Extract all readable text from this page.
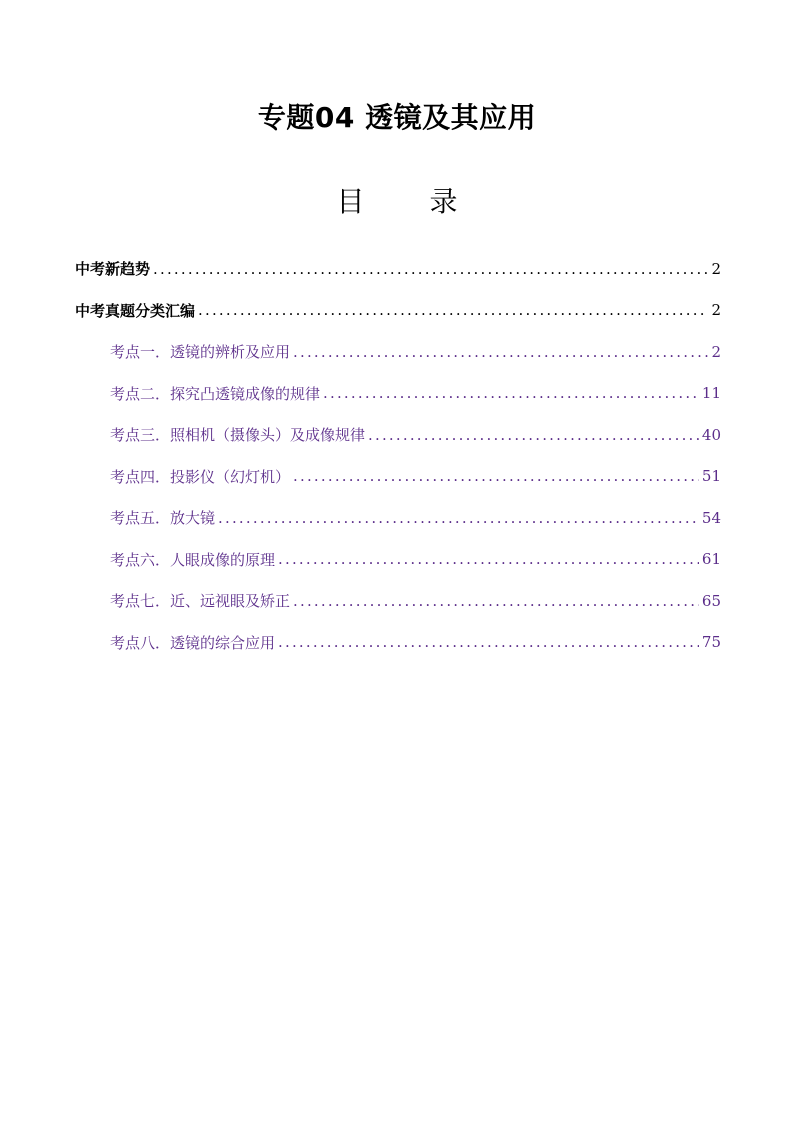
专题04 透镜及其应用
目 录
中考新趋势 .....	2
中考真题分类汇编 .....	2
考点一．透镜的辨析及应用 .....	2
考点二．探究凸透镜成像的规律 .....	11
考点三．照相机（摄像头）及成像规律 .....	40
考点四．投影仪（幻灯机） .....	51
考点五．放大镜 .....	54
考点六．人眼成像的原理 .....	61
考点七．近、远视眼及矫正 .....	65
考点八．透镜的综合应用 .....	75
